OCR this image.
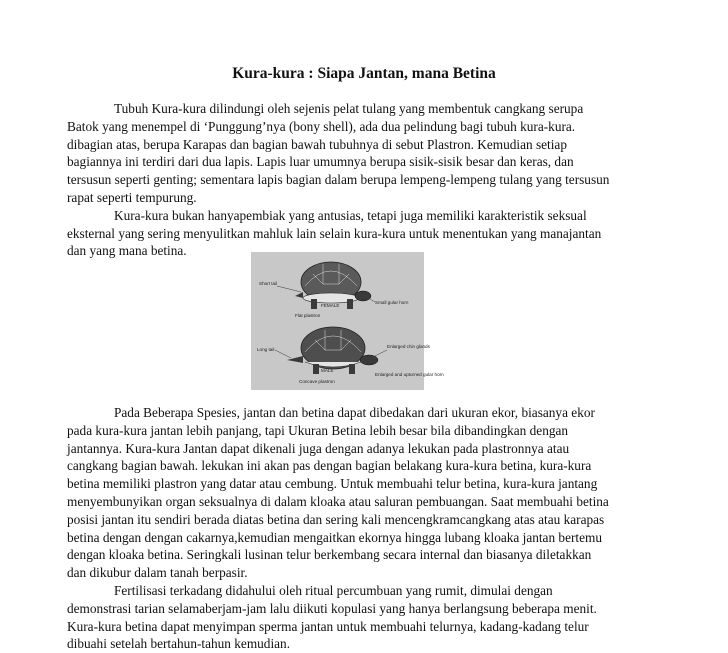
Kura-kura : Siapa Jantan, mana Betina
Tubuh Kura-kura dilindungi oleh sejenis pelat tulang yang membentuk cangkang serupa
Batok yang menempel di ‘Punggung’nya (bony shell), ada dua pelindung bagi tubuh kura-kura.
dibagian atas, berupa Karapas dan bagian bawah tubuhnya di sebut Plastron. Kemudian setiap
bagiannya ini terdiri dari dua lapis. Lapis luar umumnya berupa sisik-sisik besar dan keras, dan
tersusun seperti genting; sementara lapis bagian dalam berupa lempeng-lempeng tulang yang tersusun
rapat seperti tempurung.
Kura-kura bukan hanyapembiak yang antusias, tetapi juga memiliki karakteristik seksual
eksternal yang sering menyulitkan mahluk lain selain kura-kura untuk menentukan yang manajantan
dan yang mana betina.
Short tail
FEMALE
Small gular horn
Flat plastron
Long tail
Enlarged chin glands
MALE
Enlarged and upturned gular horn
Concave plastron
Pada Beberapa Spesies, jantan dan betina dapat dibedakan dari ukuran ekor, biasanya ekor
pada kura-kura jantan lebih panjang, tapi Ukuran Betina lebih besar bila dibandingkan dengan
jantannya. Kura-kura Jantan dapat dikenali juga dengan adanya lekukan pada plastronnya atau
cangkang bagian bawah. lekukan ini akan pas dengan bagian belakang kura-kura betina, kura-kura
betina memiliki plastron yang datar atau cembung. Untuk membuahi telur betina, kura-kura jantang
menyembunyikan organ seksualnya di dalam kloaka atau saluran pembuangan. Saat membuahi betina
posisi jantan itu sendiri berada diatas betina dan sering kali mencengkramcangkang atas atau karapas
betina dengan dengan cakarnya,kemudian mengaitkan ekornya hingga lubang kloaka jantan bertemu
dengan kloaka betina. Seringkali lusinan telur berkembang secara internal dan biasanya diletakkan
dan dikubur dalam tanah berpasir.
Fertilisasi terkadang didahului oleh ritual percumbuan yang rumit, dimulai dengan
demonstrasi tarian selamaberjam-jam lalu diikuti kopulasi yang hanya berlangsung beberapa menit.
Kura-kura betina dapat menyimpan sperma jantan untuk membuahi telurnya, kadang-kadang telur
dibuahi setelah bertahun-tahun kemudian.
